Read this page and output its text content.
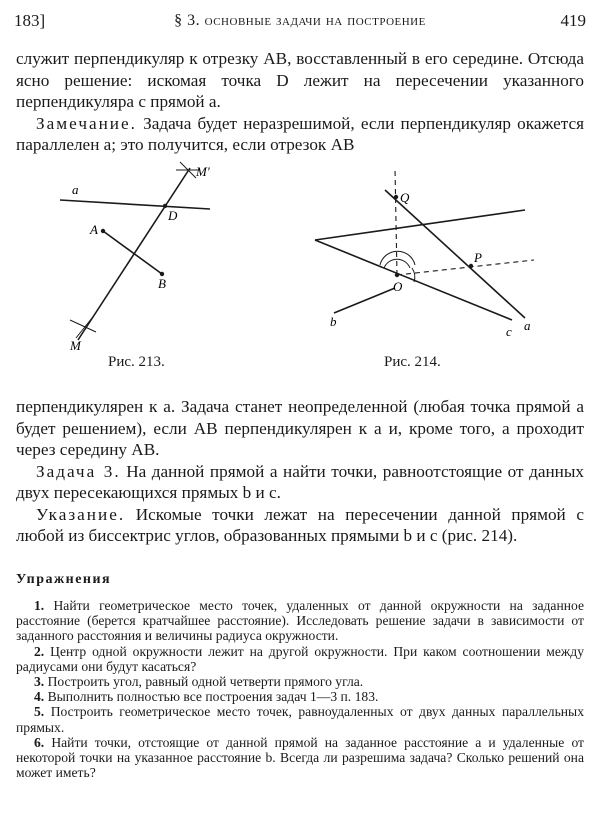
183]	§ 3. основные задачи на построение	419

служит перпендикуляр к отрезку AB, восставленный в его середине. Отсюда ясно решение: искомая точка D лежит на пересечении указанного перпендикуляра с прямой a.

Замечание. Задача будет неразрешимой, если перпендикуляр окажется параллелен a; это получится, если отрезок AB

a
M'
D
A
B
M
Q
P
O
b
c a
Рис. 213.	Рис. 214.

перпендикулярен к a. Задача станет неопределенной (любая точка прямой a будет решением), если AB перпендикулярен к a и, кроме того, a проходит через середину AB.

Задача 3. На данной прямой a найти точки, равноотстоящие от данных двух пересекающихся прямых b и c.

Указание. Искомые точки лежат на пересечении данной прямой с любой из биссектрис углов, образованных прямыми b и c (рис. 214).

Упражнения

1. Найти геометрическое место точек, удаленных от данной окружности на заданное расстояние (берется кратчайшее расстояние). Исследовать решение задачи в зависимости от заданного расстояния и величины радиуса окружности.

2. Центр одной окружности лежит на другой окружности. При каком соотношении между радиусами они будут касаться?

3. Построить угол, равный одной четверти прямого угла.

4. Выполнить полностью все построения задач 1—3 п. 183.

5. Построить геометрическое место точек, равноудаленных от двух данных параллельных прямых.

6. Найти точки, отстоящие от данной прямой на заданное расстояние a и удаленные от некоторой точки на указанное расстояние b. Всегда ли разрешима задача? Сколько решений она может иметь?
